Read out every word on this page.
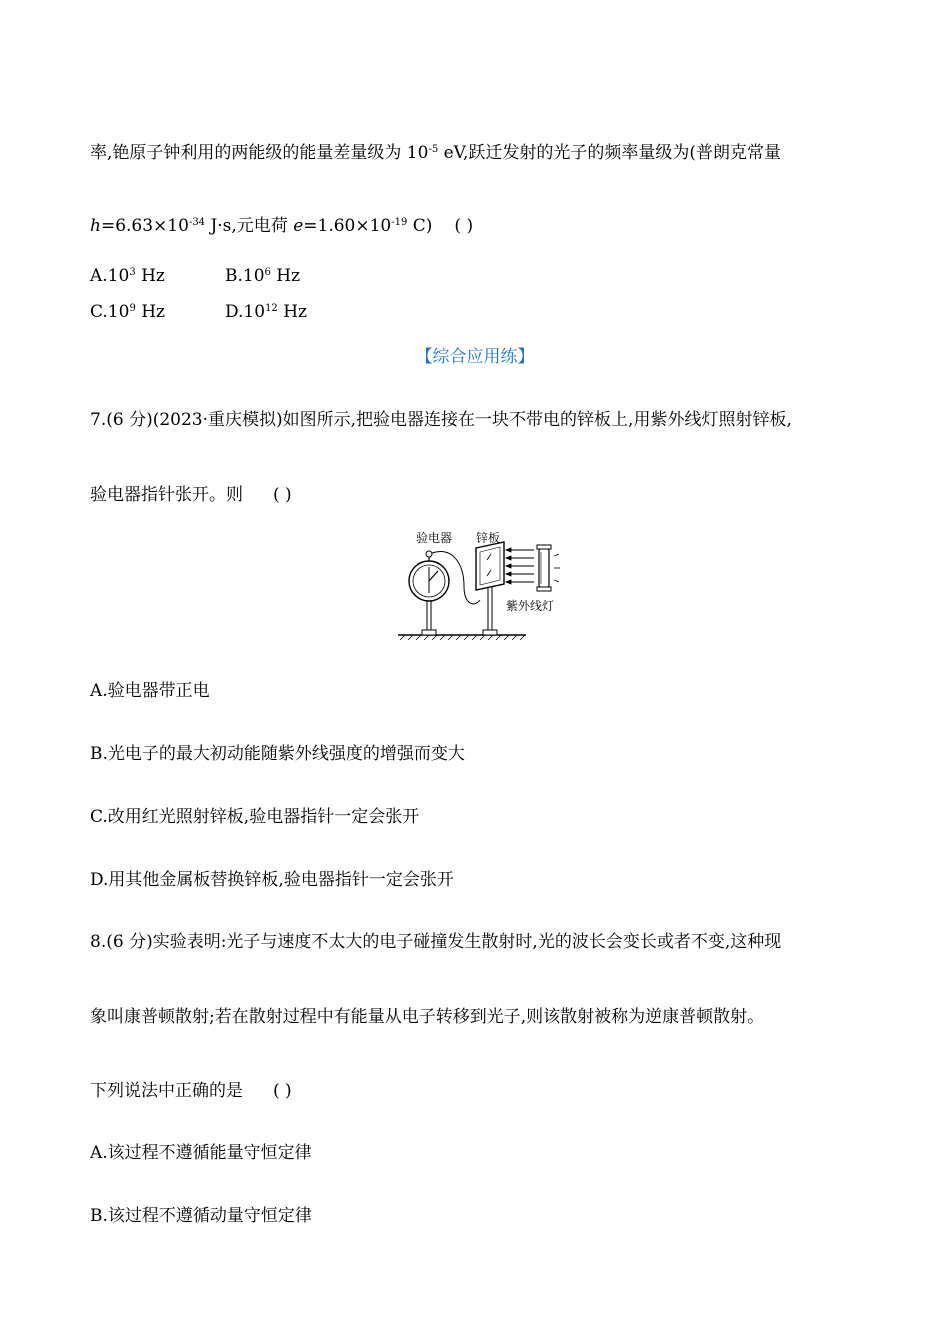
率,铯原子钟利用的两能级的能量差量级为 $10^{-5}$ eV,跃迁发射的光子的频率量级为(普朗克常量
$h=6.63\times 10^{-34}$ J·s,元电荷 $e=1.60\times 10^{-19}$ C) ( )
$A.10^3$ Hz	$B.10^6$ Hz
$C.10^9$ Hz	$D.10^{12}$ Hz
【综合应用练】
7.(6 分)(2023·重庆模拟)如图所示,把验电器连接在一块不带电的锌板上,用紫外线灯照射锌板,
验电器指针张开。则 ( )
验电器 锌板
紫外线灯
A.验电器带正电
B.光电子的最大初动能随紫外线强度的增强而变大
C.改用红光照射锌板,验电器指针一定会张开
D.用其他金属板替换锌板,验电器指针一定会张开
8.(6 分)实验表明:光子与速度不太大的电子碰撞发生散射时,光的波长会变长或者不变,这种现
象叫康普顿散射;若在散射过程中有能量从电子转移到光子,则该散射被称为逆康普顿散射。
下列说法中正确的是 ( )
A.该过程不遵循能量守恒定律
B.该过程不遵循动量守恒定律
